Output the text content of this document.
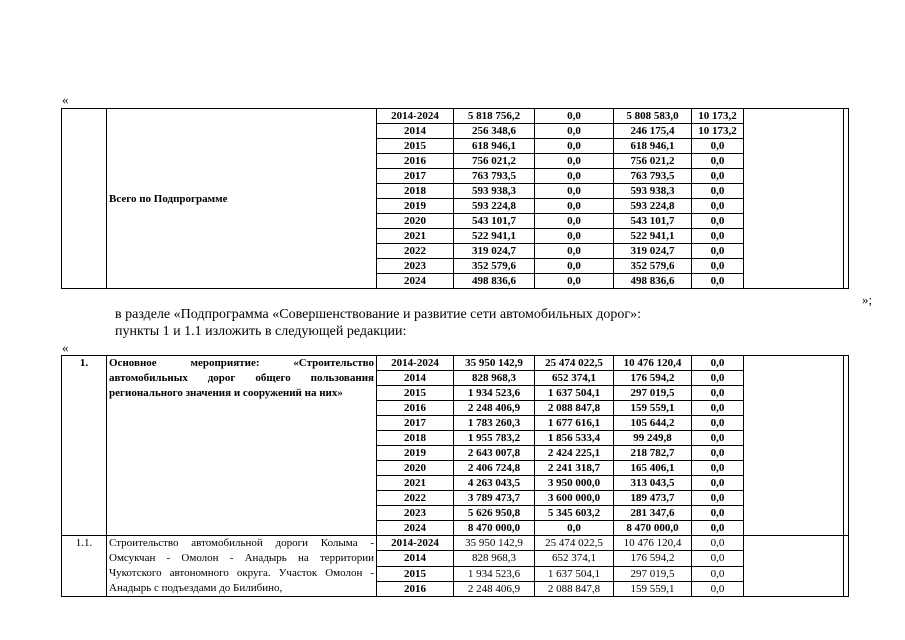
«
	Всего по Подпрограмме	2014-2024	5 818 756,2	0,0	5 808 583,0	10 173,2		
		2014	256 348,6	0,0	246 175,4	10 173,2		
		2015	618 946,1	0,0	618 946,1	0,0		
		2016	756 021,2	0,0	756 021,2	0,0		
		2017	763 793,5	0,0	763 793,5	0,0		
		2018	593 938,3	0,0	593 938,3	0,0		
		2019	593 224,8	0,0	593 224,8	0,0		
		2020	543 101,7	0,0	543 101,7	0,0		
		2021	522 941,1	0,0	522 941,1	0,0		
		2022	319 024,7	0,0	319 024,7	0,0		
		2023	352 579,6	0,0	352 579,6	0,0		
		2024	498 836,6	0,0	498 836,6	0,0		
»;
в разделе «Подпрограмма «Совершенствование и развитие сети автомобильных дорог»:
пункты 1 и 1.1 изложить в следующей редакции:
«
1.	Основное мероприятие: «Строительство автомобильных дорог общего пользования регионального значения и сооружений на них»	2014-2024	35 950 142,9	25 474 022,5	10 476 120,4	0,0		
		2014	828 968,3	652 374,1	176 594,2	0,0		
		2015	1 934 523,6	1 637 504,1	297 019,5	0,0		
		2016	2 248 406,9	2 088 847,8	159 559,1	0,0		
		2017	1 783 260,3	1 677 616,1	105 644,2	0,0		
		2018	1 955 783,2	1 856 533,4	99 249,8	0,0		
		2019	2 643 007,8	2 424 225,1	218 782,7	0,0		
		2020	2 406 724,8	2 241 318,7	165 406,1	0,0		
		2021	4 263 043,5	3 950 000,0	313 043,5	0,0		
		2022	3 789 473,7	3 600 000,0	189 473,7	0,0		
		2023	5 626 950,8	5 345 603,2	281 347,6	0,0		
		2024	8 470 000,0	0,0	8 470 000,0	0,0		
1.1.	Строительство автомобильной дороги Колыма - Омсукчан - Омолон - Анадырь на территории Чукотского автономного округа. Участок Омолон - Анадырь с подъездами до Билибино,	2014-2024	35 950 142,9	25 474 022,5	10 476 120,4	0,0		
		2014	828 968,3	652 374,1	176 594,2	0,0		
		2015	1 934 523,6	1 637 504,1	297 019,5	0,0		
		2016	2 248 406,9	2 088 847,8	159 559,1	0,0		
